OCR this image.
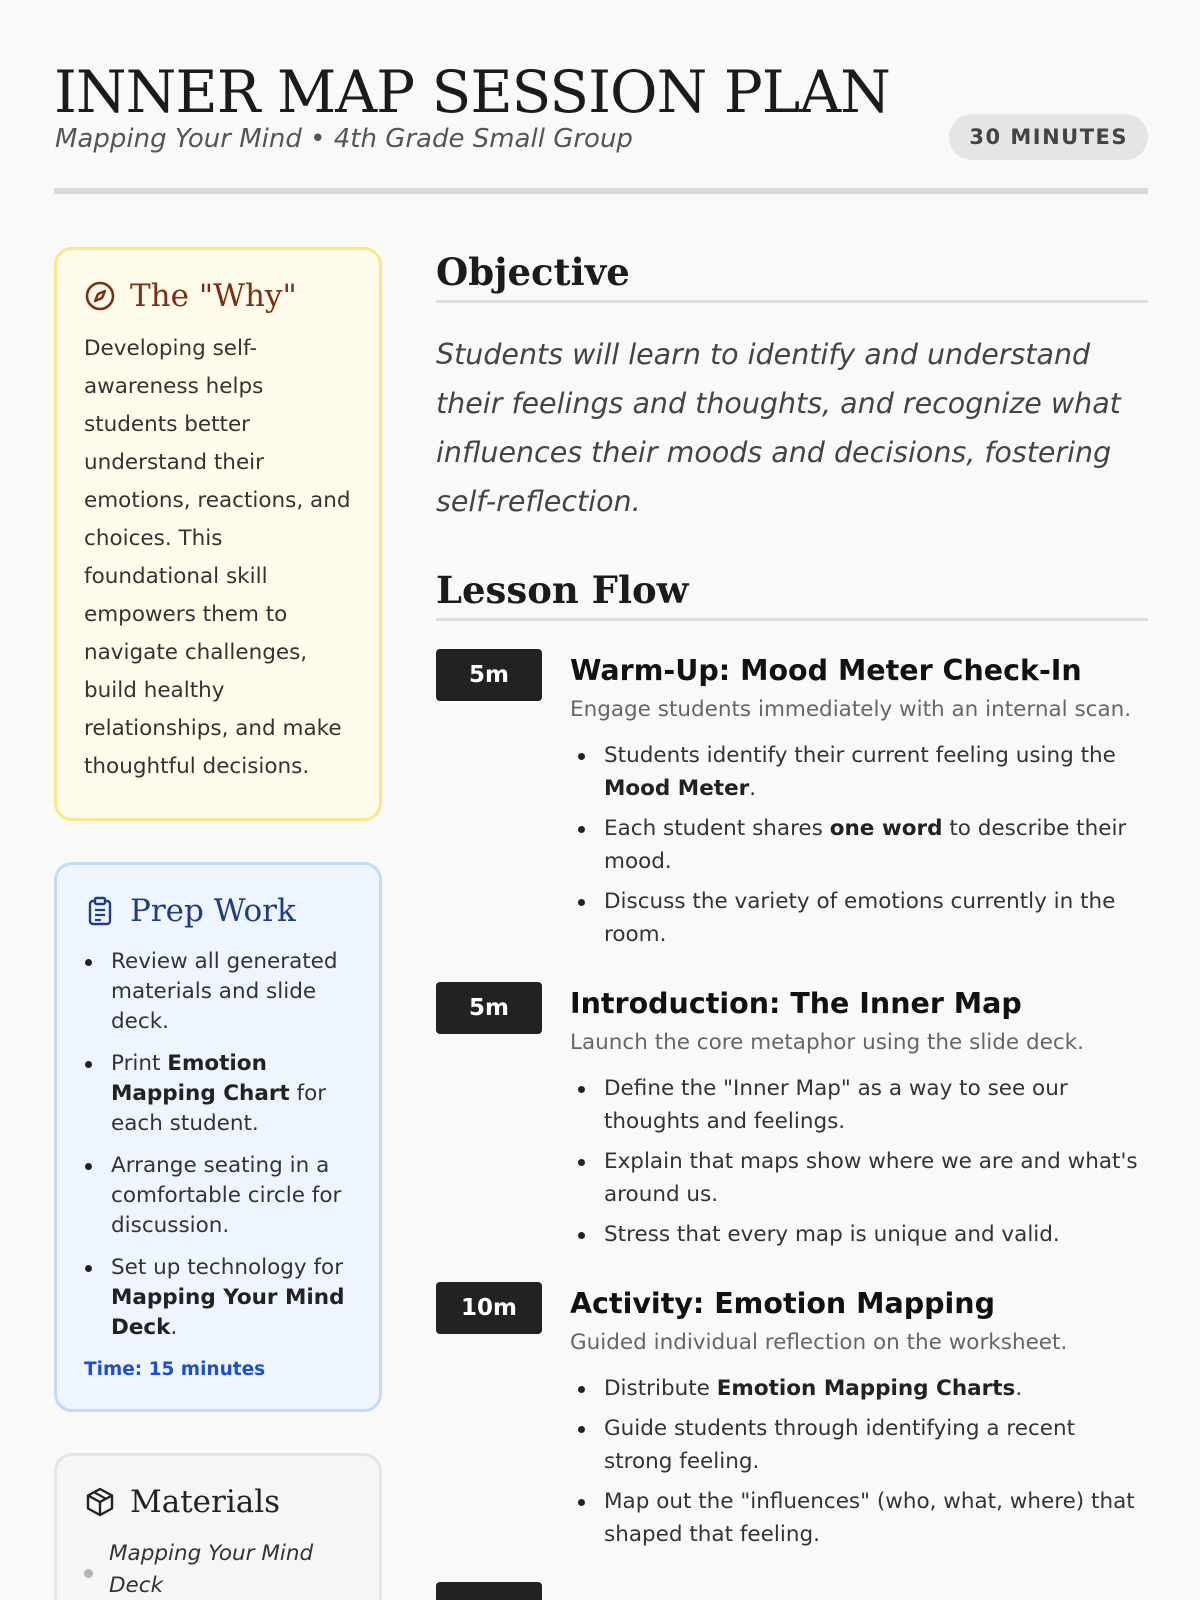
INNER MAP SESSION PLAN
Mapping Your Mind • 4th Grade Small Group	30 MINUTES
The "Why"

Developing self-awareness helps students better understand their emotions, reactions, and choices. This foundational skill empowers them to navigate challenges, build healthy relationships, and make thoughtful decisions.

Prep Work
Review all generated materials and slide deck.
Print Emotion Mapping Chart for each student.
Arrange seating in a comfortable circle for discussion.
Set up technology for Mapping Your Mind Deck.
Time: 15 minutes
Materials
Mapping Your Mind Deck
Objective

Students will learn to identify and understand their feelings and thoughts, and recognize what influences their moods and decisions, fostering self-reflection.

Lesson Flow
5m	Warm-Up: Mood Meter Check-In
Engage students immediately with an internal scan.
Students identify their current feeling using the Mood Meter.
Each student shares one word to describe their mood.
Discuss the variety of emotions currently in the room.
5m	Introduction: The Inner Map
Launch the core metaphor using the slide deck.
Define the "Inner Map" as a way to see our thoughts and feelings.
Explain that maps show where we are and what's around us.
Stress that every map is unique and valid.
10m	Activity: Emotion Mapping
Guided individual reflection on the worksheet.
Distribute Emotion Mapping Charts.
Guide students through identifying a recent strong feeling.
Map out the "influences" (who, what, where) that shaped that feeling.
